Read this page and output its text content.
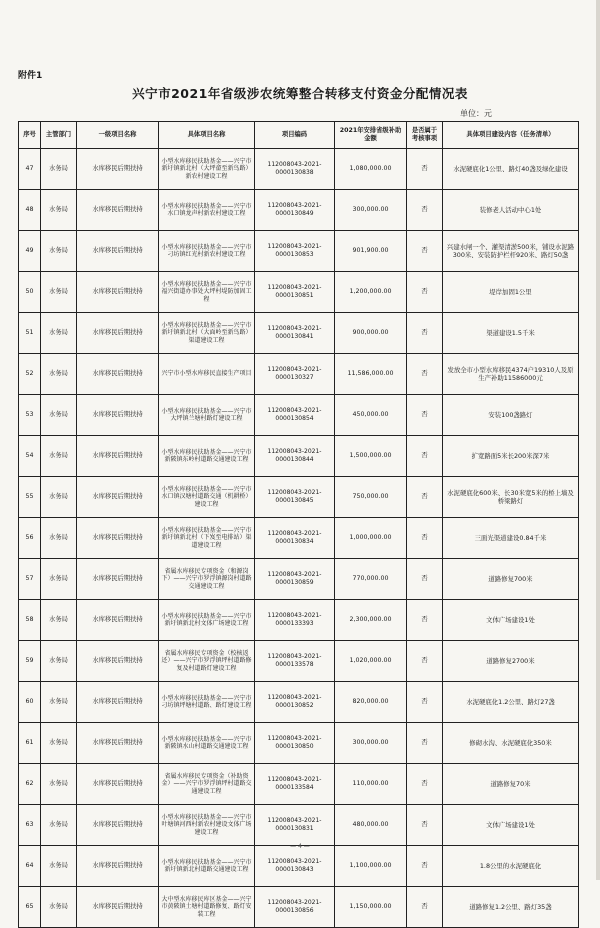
附件1
兴宁市2021年省级涉农统筹整合转移支付资金分配情况表
单位：元
序号	主管部门	一级项目名称	具体项目名称	项目编码	2021年安排省级补助金额	是否属于考核事项	具体项目建设内容（任务清单）
47	水务局	水库移民后期扶持	小型水库移民扶助基金——兴宁市新圩镇新北村（大坪畲至新鸟路）新农村建设工程	112008043-2021-0000130838	1,080,000.00	否	水泥硬底化1公里、路灯40盏及绿化建设
48	水务局	水库移民后期扶持	小型水库移民扶助基金——兴宁市水口镇龙声村新农村建设工程	112008043-2021-0000130849	300,000.00	否	装修老人活动中心1处
49	水务局	水库移民后期扶持	小型水库移民扶助基金——兴宁市刁坊镇红光村新农村建设工程	112008043-2021-0000130853	901,900.00	否	兴建水闸一个、灌渠清淤500米，铺设水泥路300米、安装防护栏杆920米、路灯50盏
50	水务局	水库移民后期扶持	小型水库移民扶助基金——兴宁市福兴街道办事处大坪村堤防加固工程	112008043-2021-0000130851	1,200,000.00	否	堤岸加固1公里
51	水务局	水库移民后期扶持	小型水库移民扶助基金——兴宁市新圩镇新北村（大面岭至新鸟路）渠道建设工程	112008043-2021-0000130841	900,000.00	否	渠道建设1.5千米
52	水务局	水库移民后期扶持	兴宁市小型水库移民直接生产项目	112008043-2021-0000130327	11,586,000.00	否	发放全市小型水库移民4374户19310人及原生产补助11586000元
53	水务局	水库移民后期扶持	小型水库移民扶助基金——兴宁市大坪镇兰塘村路灯建设工程	112008043-2021-0000130854	450,000.00	否	安装100盏路灯
54	水务局	水库移民后期扶持	小型水库移民扶助基金——兴宁市新陂镇东岭村道路交通建设工程	112008043-2021-0000130844	1,500,000.00	否	扩宽路面5米长200米深7米
55	水务局	水库移民后期扶持	小型水库移民扶助基金——兴宁市水口镇汉塘村道路交通（机耕桥）建设工程	112008043-2021-0000130845	750,000.00	否	水泥硬底化600米、长30米宽5米的桥上墙及桥梁路灯
56	水务局	水库移民后期扶持	小型水库移民扶助基金——兴宁市新圩镇新北村（下岌至电排站）渠道建设工程	112008043-2021-0000130834	1,000,000.00	否	三面光渠道建设0.84千米
57	水务局	水库移民后期扶持	省属水库移民专项资金（和源岗下）——兴宁市罗浮镇源岗村道路交通建设工程	112008043-2021-0000130859	770,000.00	否	道路修复700米
58	水务局	水库移民后期扶持	小型水库移民扶助基金——兴宁市新圩镇新北村文体广场建设工程	112008043-2021-0000133393	2,300,000.00	否	文体广场建设1处
59	水务局	水库移民后期扶持	省属水库移民专项资金（校核返还）——兴宁市罗浮镇坪村道路修复及村道路灯建设工程	112008043-2021-0000133578	1,020,000.00	否	道路修复2700米
60	水务局	水库移民后期扶持	小型水库移民扶助基金——兴宁市刁坊镇坪塘村道路、路灯建设工程	112008043-2021-0000130852	820,000.00	否	水泥硬底化1.2公里、路灯27盏
61	水务局	水库移民后期扶持	小型水库移民扶助基金——兴宁市新陂镇水山村道路交通建设工程	112008043-2021-0000130850	300,000.00	否	修砌水沟、水泥硬底化350米
62	水务局	水库移民后期扶持	省属水库移民专项资金（补助资金）——兴宁市罗浮镇坪村道路交通建设工程	112008043-2021-0000133584	110,000.00	否	道路修复70米
63	水务局	水库移民后期扶持	小型水库移民扶助基金——兴宁市叶塘镇河西村新农村建设文体广场建设工程	112008043-2021-0000130831	480,000.00	否	文体广场建设1处
64	水务局	水库移民后期扶持	小型水库移民扶助基金——兴宁市新圩镇新北村道路交通建设工程	112008043-2021-0000130843	1,100,000.00	否	1.8公里的水泥硬底化
65	水务局	水库移民后期扶持	大中型水库移民库区基金——兴宁市黄陂镇土塘村道路修复、路灯安装工程	112008043-2021-0000130856	1,150,000.00	否	道路修复1.2公里、路灯35盏
— 4 —
